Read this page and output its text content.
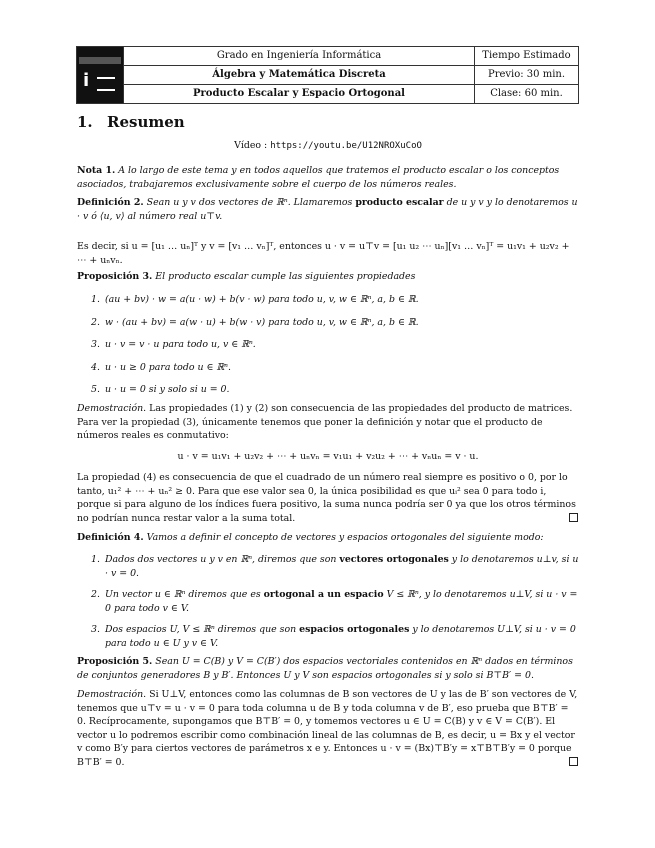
i
Grado en Ingeniería Informática
Álgebra y Matemática Discreta
Producto Escalar y Espacio Ortogonal
Tiempo Estimado
Previo: 30 min.
Clase: 60 min.
1. Resumen
Vídeo : https://youtu.be/U12NROXuCoO
Nota 1. A lo largo de este tema y en todos aquellos que tratemos el producto escalar o los conceptos asociados, trabajaremos exclusivamente sobre el cuerpo de los números reales.
Definición 2. Sean u y v dos vectores de ℝⁿ. Llamaremos producto escalar de u y v y lo denotaremos u · v ó ⟨u, v⟩ al número real u⊤v.
Es decir, si u = [u₁ … uₙ]ᵀ y v = [v₁ … vₙ]ᵀ, entonces u · v = u⊤v = [u₁ u₂ ⋯ uₙ][v₁ … vₙ]ᵀ = u₁v₁ + u₂v₂ + ⋯ + uₙvₙ.
Proposición 3. El producto escalar cumple las siguientes propiedades
1. (au + bv) · w = a(u · w) + b(v · w) para todo u, v, w ∈ ℝⁿ, a, b ∈ ℝ.
2. w · (au + bv) = a(w · u) + b(w · v) para todo u, v, w ∈ ℝⁿ, a, b ∈ ℝ.
3. u · v = v · u para todo u, v ∈ ℝⁿ.
4. u · u ≥ 0 para todo u ∈ ℝⁿ.
5. u · u = 0 si y solo si u = 0.
Demostración. Las propiedades (1) y (2) son consecuencia de las propiedades del producto de matrices. Para ver la propiedad (3), únicamente tenemos que poner la definición y notar que el producto de números reales es conmutativo:
u · v = u₁v₁ + u₂v₂ + ⋯ + uₙvₙ = v₁u₁ + v₂u₂ + ⋯ + vₙuₙ = v · u.
La propiedad (4) es consecuencia de que el cuadrado de un número real siempre es positivo o 0, por lo tanto, u₁² + ⋯ + uₙ² ≥ 0. Para que ese valor sea 0, la única posibilidad es que uᵢ² sea 0 para todo i, porque si para alguno de los índices fuera positivo, la suma nunca podría ser 0 ya que los otros términos no podrían nunca restar valor a la suma total.
Definición 4. Vamos a definir el concepto de vectores y espacios ortogonales del siguiente modo:
1. Dados dos vectores u y v en ℝⁿ, diremos que son vectores ortogonales y lo denotaremos u⊥v, si u · v = 0.
2. Un vector u ∈ ℝⁿ diremos que es ortogonal a un espacio V ≤ ℝⁿ, y lo denotaremos u⊥V, si u · v = 0 para todo v ∈ V.
3. Dos espacios U, V ≤ ℝⁿ diremos que son espacios ortogonales y lo denotaremos U⊥V, si u · v = 0 para todo u ∈ U y v ∈ V.
Proposición 5. Sean U = C(B) y V = C(B′) dos espacios vectoriales contenidos en ℝⁿ dados en términos de conjuntos generadores B y B′. Entonces U y V son espacios ortogonales si y solo si B⊤B′ = 0.
Demostración. Si U⊥V, entonces como las columnas de B son vectores de U y las de B′ son vectores de V, tenemos que u⊤v = u · v = 0 para toda columna u de B y toda columna v de B′, eso prueba que B⊤B′ = 0. Recíprocamente, supongamos que B⊤B′ = 0, y tomemos vectores u ∈ U = C(B) y v ∈ V = C(B′). El vector u lo podremos escribir como combinación lineal de las columnas de B, es decir, u = Bx y el vector v como B′y para ciertos vectores de parámetros x e y. Entonces u · v = (Bx)⊤B′y = x⊤B⊤B′y = 0 porque B⊤B′ = 0.
